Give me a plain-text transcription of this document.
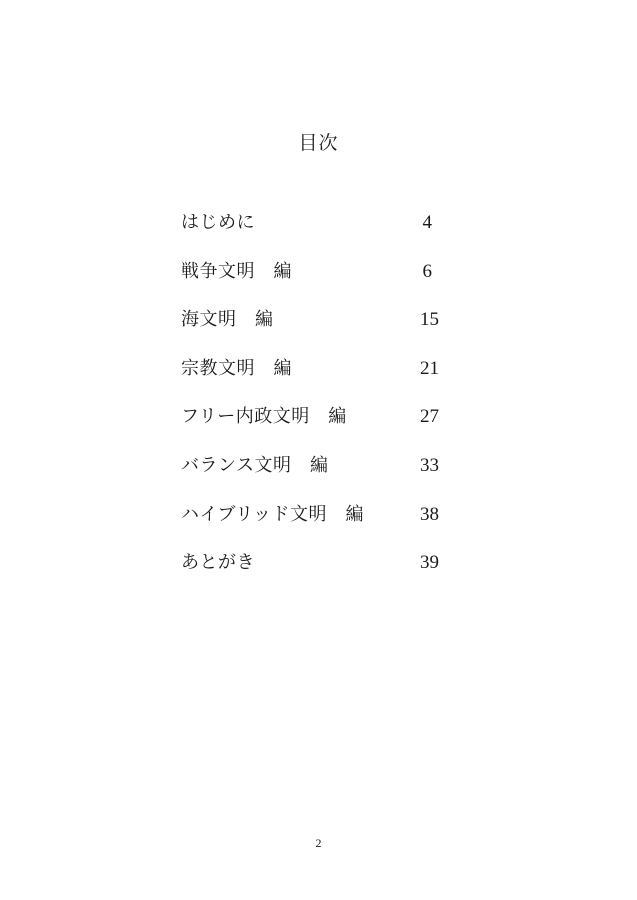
目次
はじめに	4
戦争文明　編	6
海文明　編	15
宗教文明　編	21
フリー内政文明　編	27
バランス文明　編	33
ハイブリッド文明　編	38
あとがき	39
2
